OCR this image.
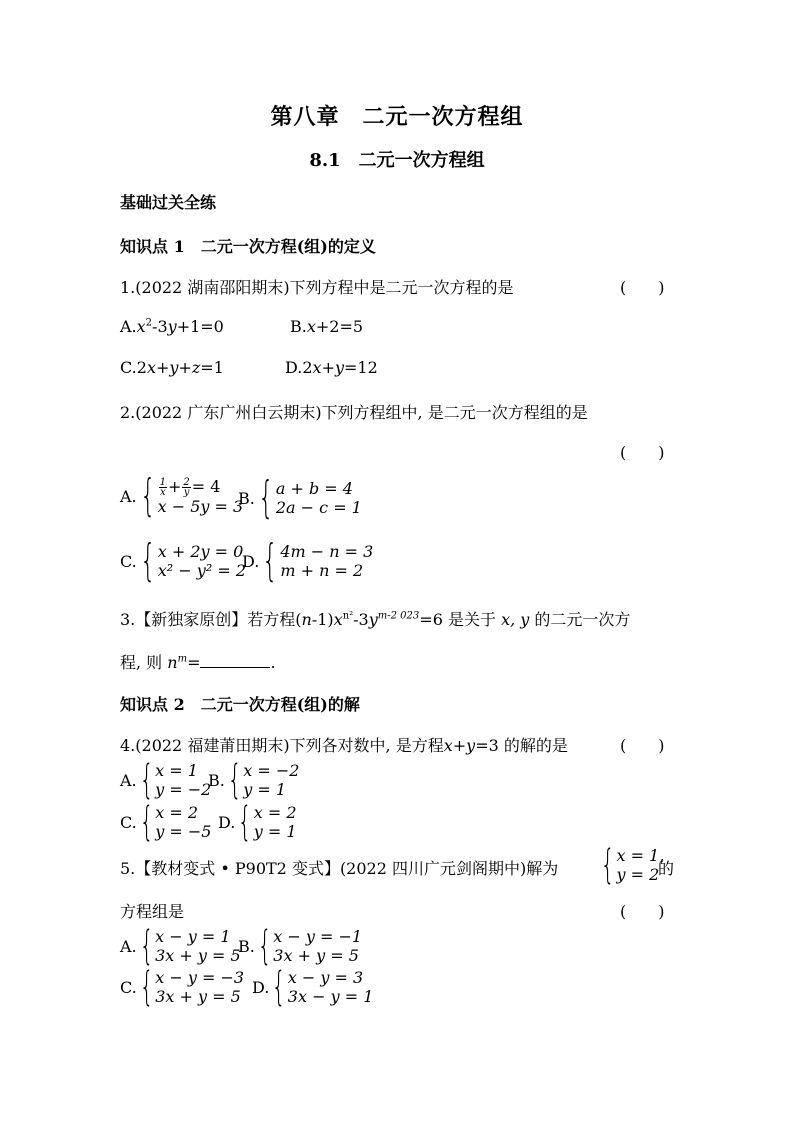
第八章　二元一次方程组
8.1　二元一次方程组
基础过关全练
知识点 1　二元一次方程(组)的定义
1.(2022 湖南邵阳期末)下列方程中是二元一次方程的是	(　　)
$A.x^2-3y+1=0$	B.x+2=5
C.2x+y+z=1	D.2x+y=12
2.(2022 广东广州白云期末)下列方程组中, 是二元一次方程组的是
(　　)
A. { $\frac{1}{x} + \frac{2}{y} = 4$
x − 5y = 3
B. { a + b = 4
2a − c = 1
C. { x + 2y = 0
x² − y² = 2
D. { 4m − n = 3
m + n = 2
3.【新独家原创】若方程$(n-1)x^{n^2}-3y^{m-2 023}=6$ 是关于 x, y 的二元一次方
程, 则 $n^m=$	.
知识点 2　二元一次方程(组)的解
4.(2022 福建莆田期末)下列各对数中, 是方程x+y=3 的解的是	(　　)
A. { x = 1
y = −2
B. { x = −2
y = 1
C. { x = 2
y = −5 D. { x = 2
y = 1
5.【教材变式 • P90T2 变式】(2022 四川广元剑阁期中)解为 { x = 1,
y = 2
的
方程组是	(　　)
A. { x − y = 1
3x + y = 5
B. { x − y = −1
3x + y = 5
C. { x − y = −3
3x + y = 5 D. { x − y = 3
3x − y = 1
